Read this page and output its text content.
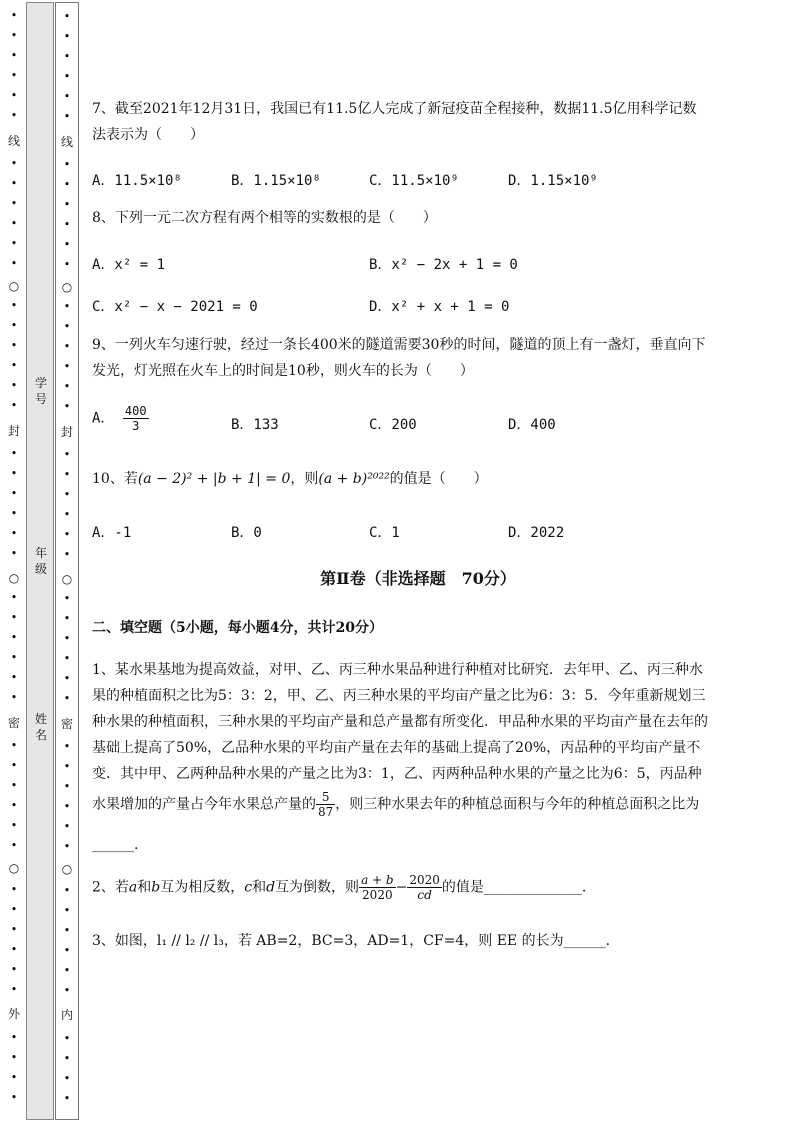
•
•
•
•
•
•
线
•
•
•
•
•
•
○
•
•
•
•
•
•
封
•
•
•
•
•
•
○
•
•
•
•
•
•
密
•
•
•
•
•
•
○
•
•
•
•
•
•
外
•
•
•
•
学号
年级
姓名
•
•
•
•
•
•
线
•
•
•
•
•
•
○
•
•
•
•
•
•
封
•
•
•
•
•
•
○
•
•
•
•
•
•
密
•
•
•
•
•
•
○
•
•
•
•
•
•
内
•
•
•
•
7、截至2021年12月31日，我国已有11.5亿人完成了新冠疫苗全程接种，数据11.5亿用科学记数
法表示为（　　）
A．11.5×10⁸	B．1.15×10⁸	C．11.5×10⁹	D．1.15×10⁹
8、下列一元二次方程有两个相等的实数根的是（　　）
A．x² = 1	B．x² − 2x + 1 = 0
C．x² − x − 2021 = 0	D．x² + x + 1 = 0
9、一列火车匀速行驶，经过一条长400米的隧道需要30秒的时间，隧道的顶上有一盏灯，垂直向下
发光，灯光照在火车上的时间是10秒，则火车的长为（　　）
A． $\frac{400}{3}$	B．133	C．200	D．400
10、若(a − 2)² + |b + 1| = 0，则(a + b)²⁰²²的值是（　　）
A．-1	B．0	C．1	D．2022
第Ⅱ卷（非选择题　70分）
二、填空题（5小题，每小题4分，共计20分）
1、某水果基地为提高效益，对甲、乙、丙三种水果品种进行种植对比研究．去年甲、乙、丙三种水
果的种植面积之比为5：3：2，甲、乙、丙三种水果的平均亩产量之比为6：3：5．今年重新规划三
种水果的种植面积，三种水果的平均亩产量和总产量都有所变化．甲品种水果的平均亩产量在去年的
基础上提高了50%，乙品种水果的平均亩产量在去年的基础上提高了20%，丙品种的平均亩产量不
变．其中甲、乙两种品种水果的产量之比为3：1，乙、丙两种品种水果的产量之比为6：5，丙品种
水果增加的产量占今年水果总产量的 $\frac{5}{87}$ ，则三种水果去年的种植总面积与今年的种植总面积之比为
______.
2、若a和b互为相反数，c和d互为倒数，则 $\frac{a + b}{2020} - \frac{2020}{cd}$ 的值是______________.
3、如图，l₁ // l₂ // l₃，若 AB=2，BC=3，AD=1，CF=4，则 EE 的长为______.
